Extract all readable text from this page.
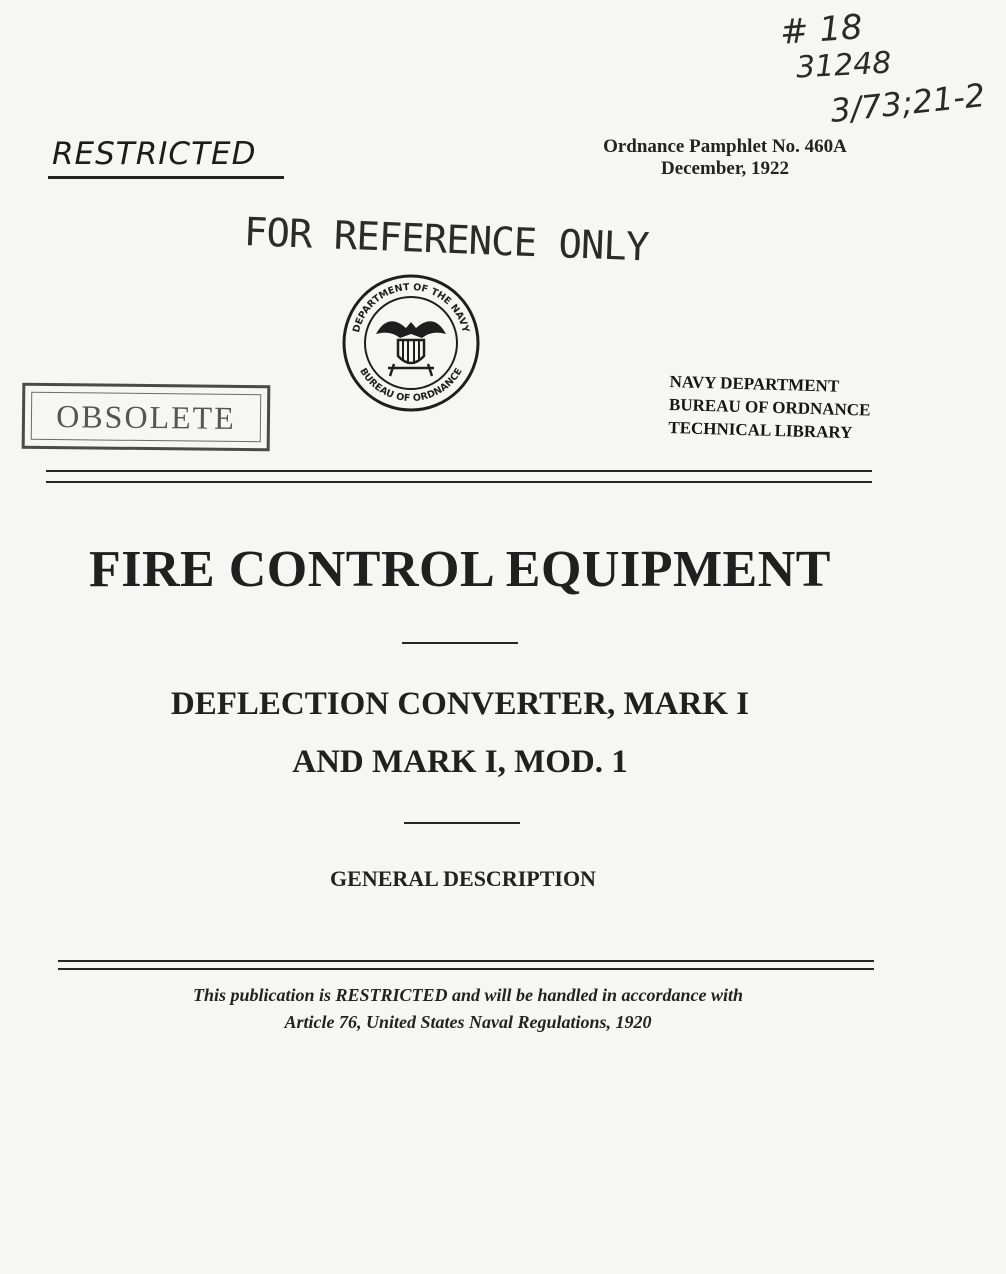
# 18
31248
3/73;21-2
RESTRICTED	Ordnance Pamphlet No. 460A
December, 1922
FOR REFERENCE ONLY
DEPARTMENT OF THE NAVY
BUREAU OF ORDNANCE
OBSOLETE
NAVY DEPARTMENT
BUREAU OF ORDNANCE
TECHNICAL LIBRARY
FIRE CONTROL EQUIPMENT
DEFLECTION CONVERTER, MARK I
AND MARK I, MOD. 1
GENERAL DESCRIPTION
This publication is RESTRICTED and will be handled in accordance with
Article 76, United States Naval Regulations, 1920
